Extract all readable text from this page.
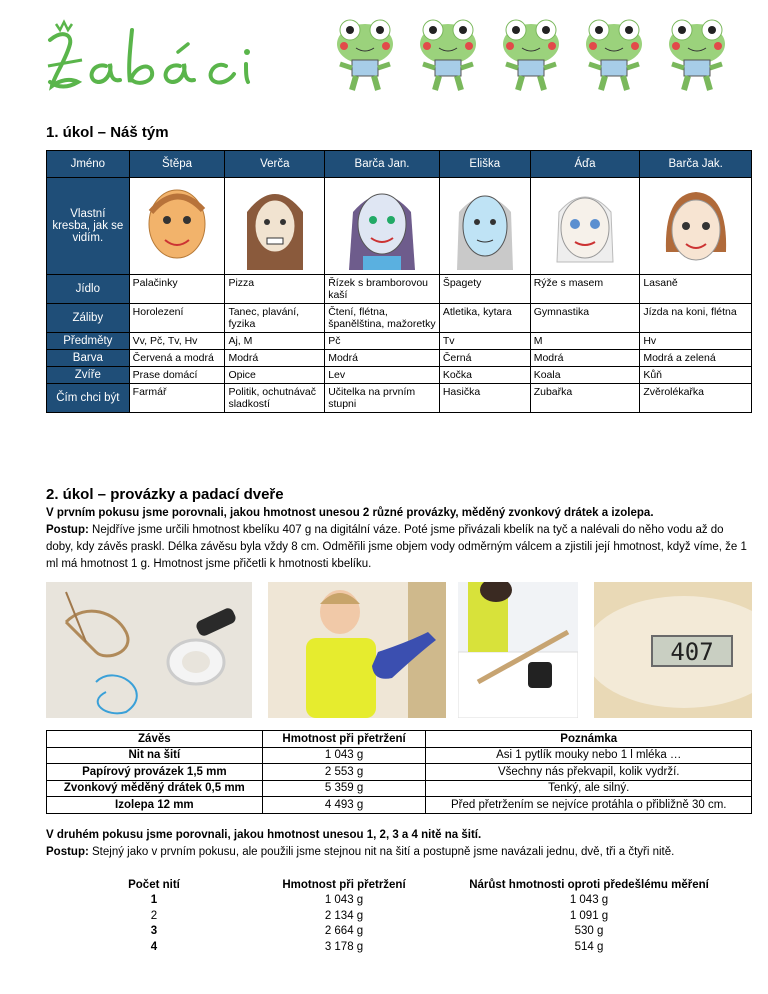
1. úkol – Náš tým
Jméno	Štěpa	Verča	Barča Jan.	Eliška	Áďa	Barča Jak.
Vlastní kresba, jak se vidím.	

Jídlo	Palačinky	Pizza	Řízek s bramborovou kaší	Špagety	Rýže s masem	Lasaně
Záliby	Horolezení	Tanec, plavání, fyzika	Čtení, flétna, španělština, mažoretky	Atletika, kytara	Gymnastika	Jízda na koni, flétna
Předměty	Vv, Pč, Tv, Hv	Aj, M	Pč	Tv	M	Hv
Barva	Červená a modrá	Modrá	Modrá	Černá	Modrá	Modrá a zelená
Zvíře	Prase domácí	Opice	Lev	Kočka	Koala	Kůň
Čím chci být	Farmář	Politik, ochutnávač sladkostí	Učitelka na prvním stupni	Hasička	Zubařka	Zvěrolékařka
2. úkol – provázky a padací dveře
V prvním pokusu jsme porovnali, jakou hmotnost unesou 2 různé provázky, měděný zvonkový drátek a izolepa.
Postup: Nejdříve jsme určili hmotnost kbelíku 407 g na digitální váze. Poté jsme přivázali kbelík na tyč a nalévali do něho vodu až do doby, kdy závěs praskl. Délka závěsu byla vždy 8 cm. Odměřili jsme objem vody odměrným válcem a zjistili její hmotnost, když víme, že 1 ml má hmotnost 1 g. Hmotnost jsme přičetli k hmotnosti kbelíku.
407
Závěs	Hmotnost při přetržení	Poznámka
Nit na šití	1 043 g	Asi 1 pytlík mouky nebo 1 l mléka …
Papírový provázek 1,5 mm	2 553 g	Všechny nás překvapil, kolik vydrží.
Zvonkový měděný drátek 0,5 mm	5 359 g	Tenký, ale silný.
Izolepa 12 mm	4 493 g	Před přetržením se nejvíce protáhla o přibližně 30 cm.
V druhém pokusu jsme porovnali, jakou hmotnost unesou 1, 2, 3 a 4 nitě na šití.
Postup: Stejný jako v prvním pokusu, ale použili jsme stejnou nit na šití a postupně jsme navázali jednu, dvě, tři a čtyři nitě.
Počet nití	Hmotnost při přetržení	Nárůst hmotnosti oproti předešlému měření
1	1 043 g	1 043 g
2	2 134 g	1 091 g
3	2 664 g	530 g
4	3 178 g	514 g
